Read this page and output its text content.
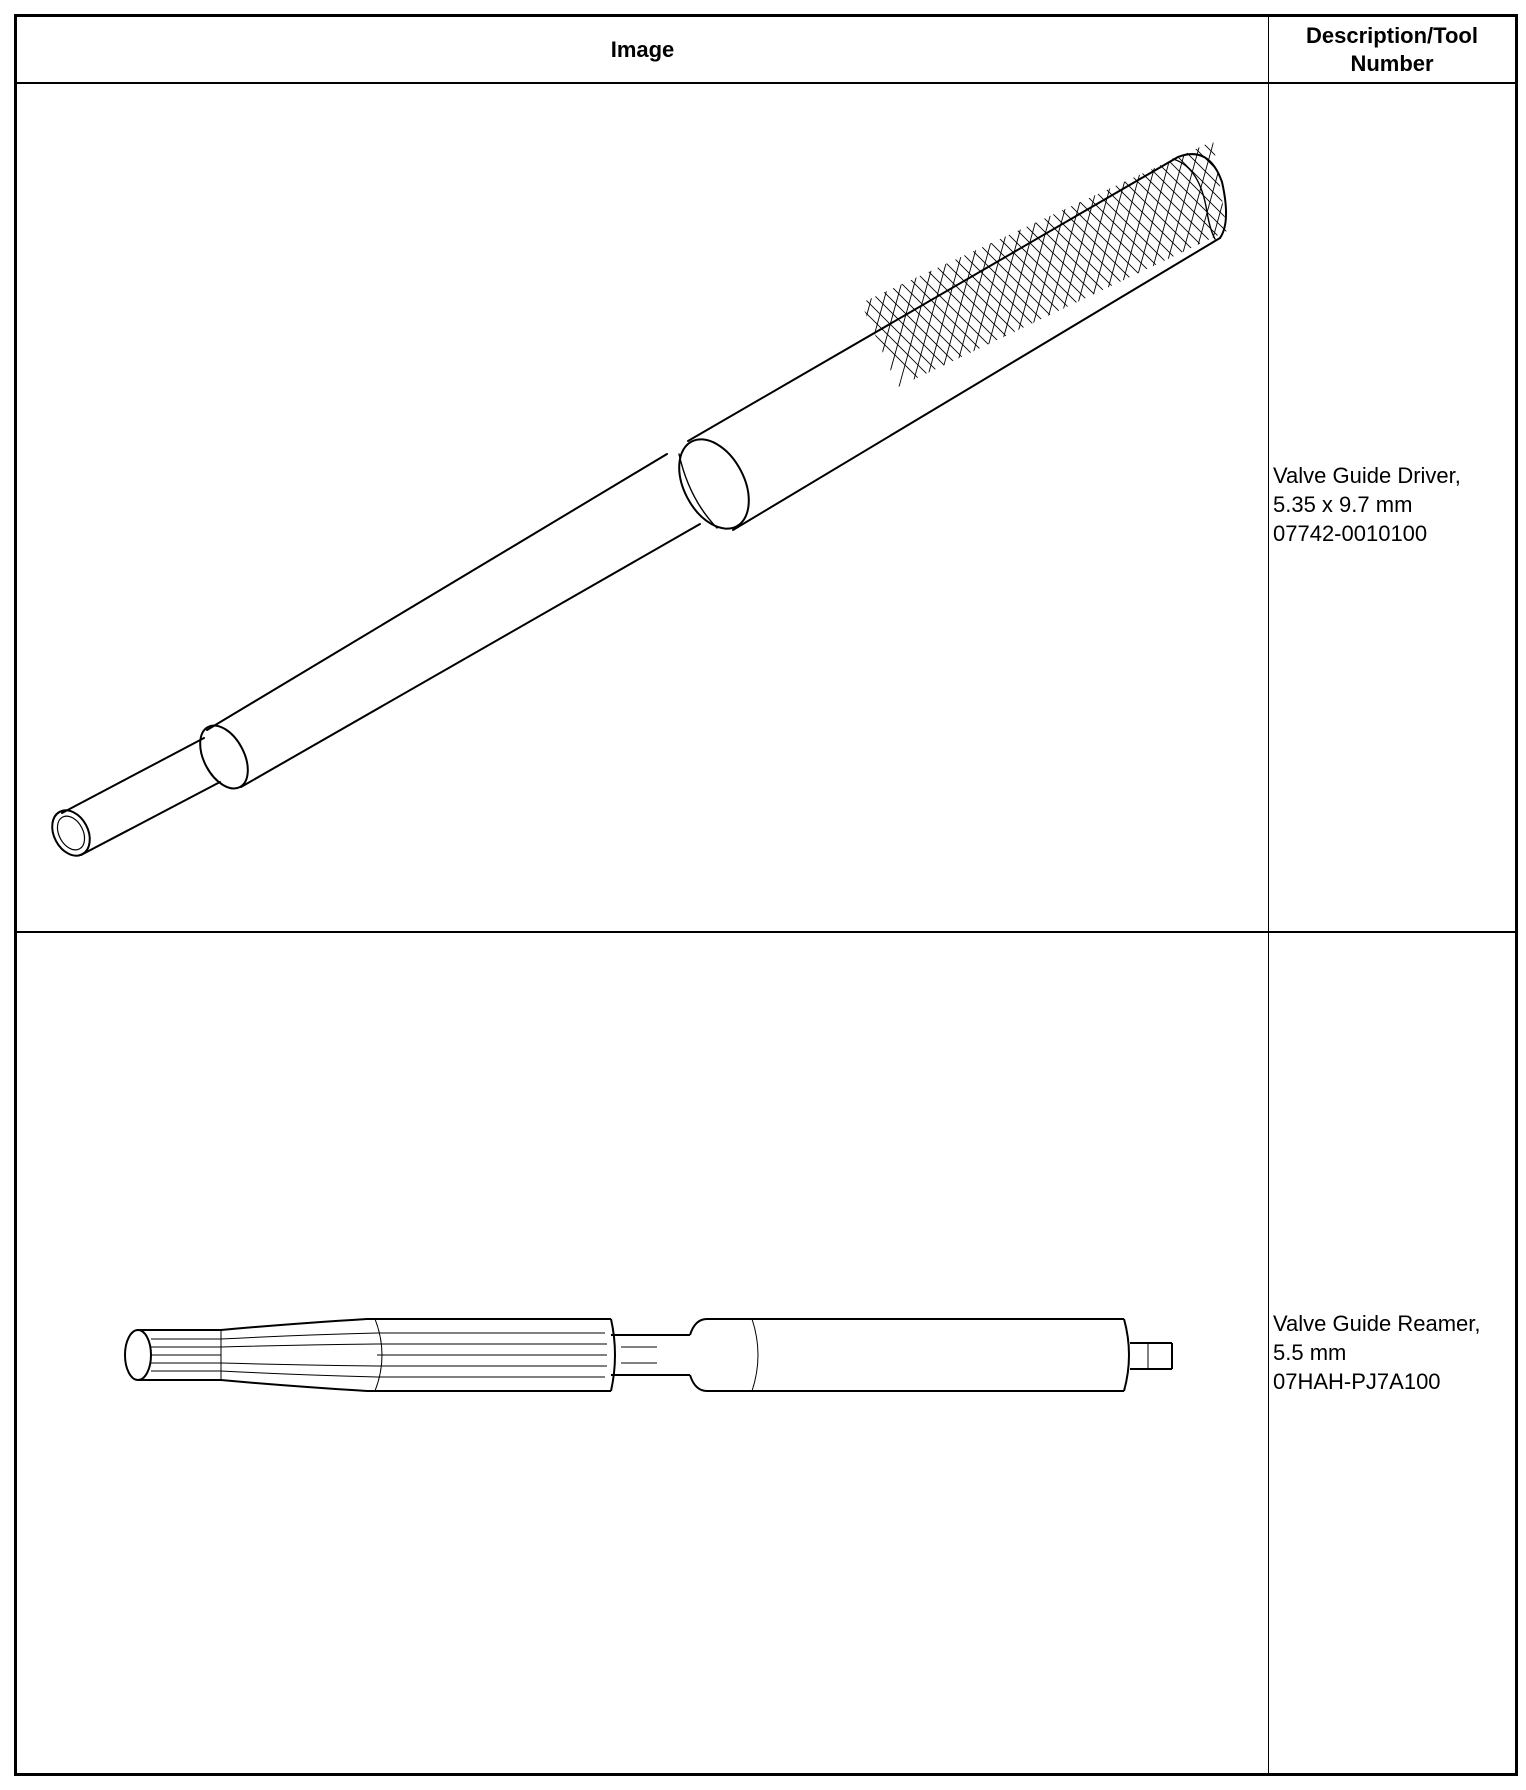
Image
Description/Tool Number
Valve Guide Driver,
5.35 x 9.7 mm
07742-0010100
Valve Guide Reamer,
5.5 mm
07HAH-PJ7A100
